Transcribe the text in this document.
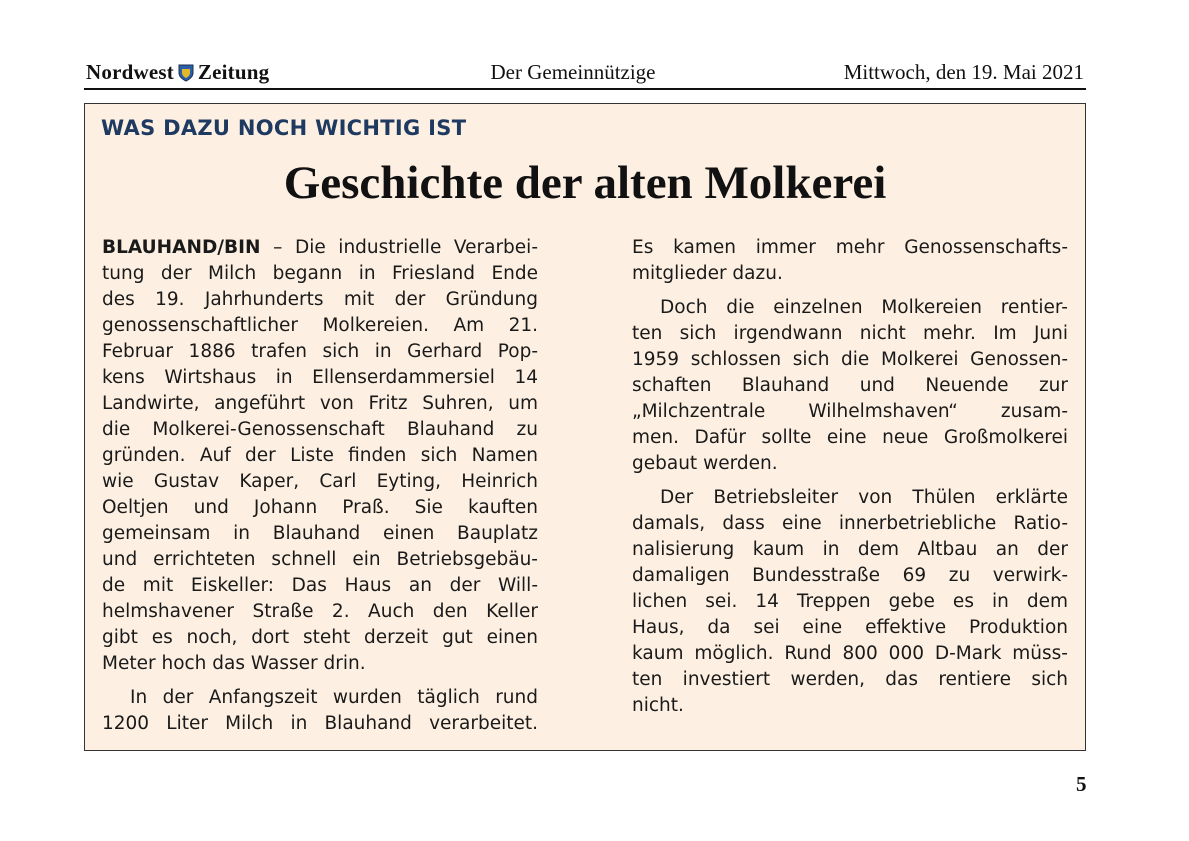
Nordwest Zeitung	Der Gemeinnützige	Mittwoch, den 19. Mai 2021
WAS DAZU NOCH WICHTIG IST
Geschichte der alten Molkerei
BLAUHAND/BIN – Die industrielle Verarbei-
tung der Milch begann in Friesland Ende
des 19. Jahrhunderts mit der Gründung
genossenschaftlicher Molkereien. Am 21.
Februar 1886 trafen sich in Gerhard Pop-
kens Wirtshaus in Ellenserdammersiel 14
Landwirte, angeführt von Fritz Suhren, um
die Molkerei-Genossenschaft Blauhand zu
gründen. Auf der Liste finden sich Namen
wie Gustav Kaper, Carl Eyting, Heinrich
Oeltjen und Johann Praß. Sie kauften
gemeinsam in Blauhand einen Bauplatz
und errichteten schnell ein Betriebsgebäu-
de mit Eiskeller: Das Haus an der Will-
helmshavener Straße 2. Auch den Keller
gibt es noch, dort steht derzeit gut einen
Meter hoch das Wasser drin.
In der Anfangszeit wurden täglich rund
1200 Liter Milch in Blauhand verarbeitet.
Es kamen immer mehr Genossenschafts-
mitglieder dazu.
Doch die einzelnen Molkereien rentier-
ten sich irgendwann nicht mehr. Im Juni
1959 schlossen sich die Molkerei Genossen-
schaften Blauhand und Neuende zur
„Milchzentrale Wilhelmshaven“ zusam-
men. Dafür sollte eine neue Großmolkerei
gebaut werden.
Der Betriebsleiter von Thülen erklärte
damals, dass eine innerbetriebliche Ratio-
nalisierung kaum in dem Altbau an der
damaligen Bundesstraße 69 zu verwirk-
lichen sei. 14 Treppen gebe es in dem
Haus, da sei eine effektive Produktion
kaum möglich. Rund 800 000 D-Mark müss-
ten investiert werden, das rentiere sich
nicht.
5
